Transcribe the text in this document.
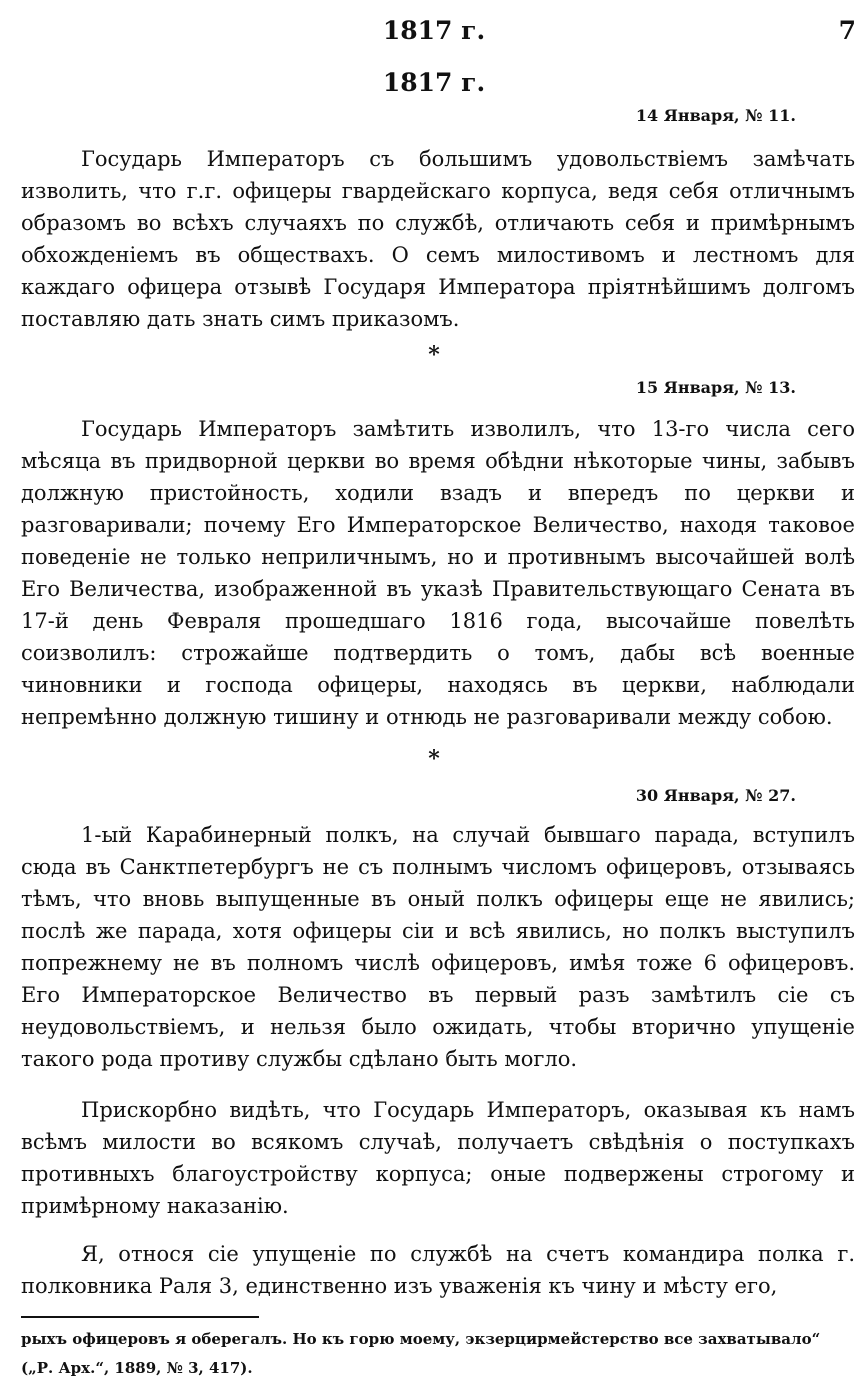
1817 г.	7
1817 г.
14 Января, № 11.

Государь Императоръ съ большимъ удовольствіемъ замѣчать изволить, что г.г. офицеры гвардейскаго корпуса, ведя себя отличнымъ образомъ во всѣхъ случаяхъ по службѣ, отличають себя и примѣрнымъ обхожденіемъ въ обществахъ. О семъ милостивомъ и лестномъ для каждаго офицера отзывѣ Государя Императора пріятнѣйшимъ долгомъ поставляю дать знать симъ приказомъ.

*
15 Января, № 13.

Государь Императоръ замѣтить изволилъ, что 13-го числа сего мѣсяца въ придворной церкви во время обѣдни нѣкоторые чины, забывъ должную пристойность, ходили взадъ и впередъ по церкви и разговаривали; почему Его Императорское Величество, находя таковое поведеніе не только неприличнымъ, но и противнымъ высочайшей волѣ Его Величества, изображенной въ указѣ Правительствующаго Сената въ 17-й день Февраля прошедшаго 1816 года, высочайше повелѣть соизволилъ: строжайше подтвердить о томъ, дабы всѣ военные чиновники и господа офицеры, находясь въ церкви, наблюдали непремѣнно должную тишину и отнюдь не разговаривали между собою.

*
30 Января, № 27.

1-ый Карабинерный полкъ, на случай бывшаго парада, вступилъ сюда въ Санктпетербургъ не съ полнымъ числомъ офицеровъ, отзываясь тѣмъ, что вновь выпущенные въ оный полкъ офицеры еще не явились; послѣ же парада, хотя офицеры сіи и всѣ явились, но полкъ выступилъ попрежнему не въ полномъ числѣ офицеровъ, имѣя тоже 6 офицеровъ. Его Императорское Величество въ первый разъ замѣтилъ сіе съ неудовольствіемъ, и нельзя было ожидать, чтобы вторично упущеніе такого рода противу службы сдѣлано быть могло.

Прискорбно видѣть, что Государь Императоръ, оказывая къ намъ всѣмъ милости во всякомъ случаѣ, получаетъ свѣдѣнія о поступкахъ противныхъ благоустройству корпуса; оные подвержены строгому и примѣрному наказанію.

Я, относя сіе упущеніе по службѣ на счетъ командира полка г. полковника Раля 3, единственно изъ уваженія къ чину и мѣсту его,

рыхъ офицеровъ я оберегалъ. Но къ горю моему, экзерцирмейстерство все захватывало“
(„Р. Арх.“, 1889, № 3, 417).
